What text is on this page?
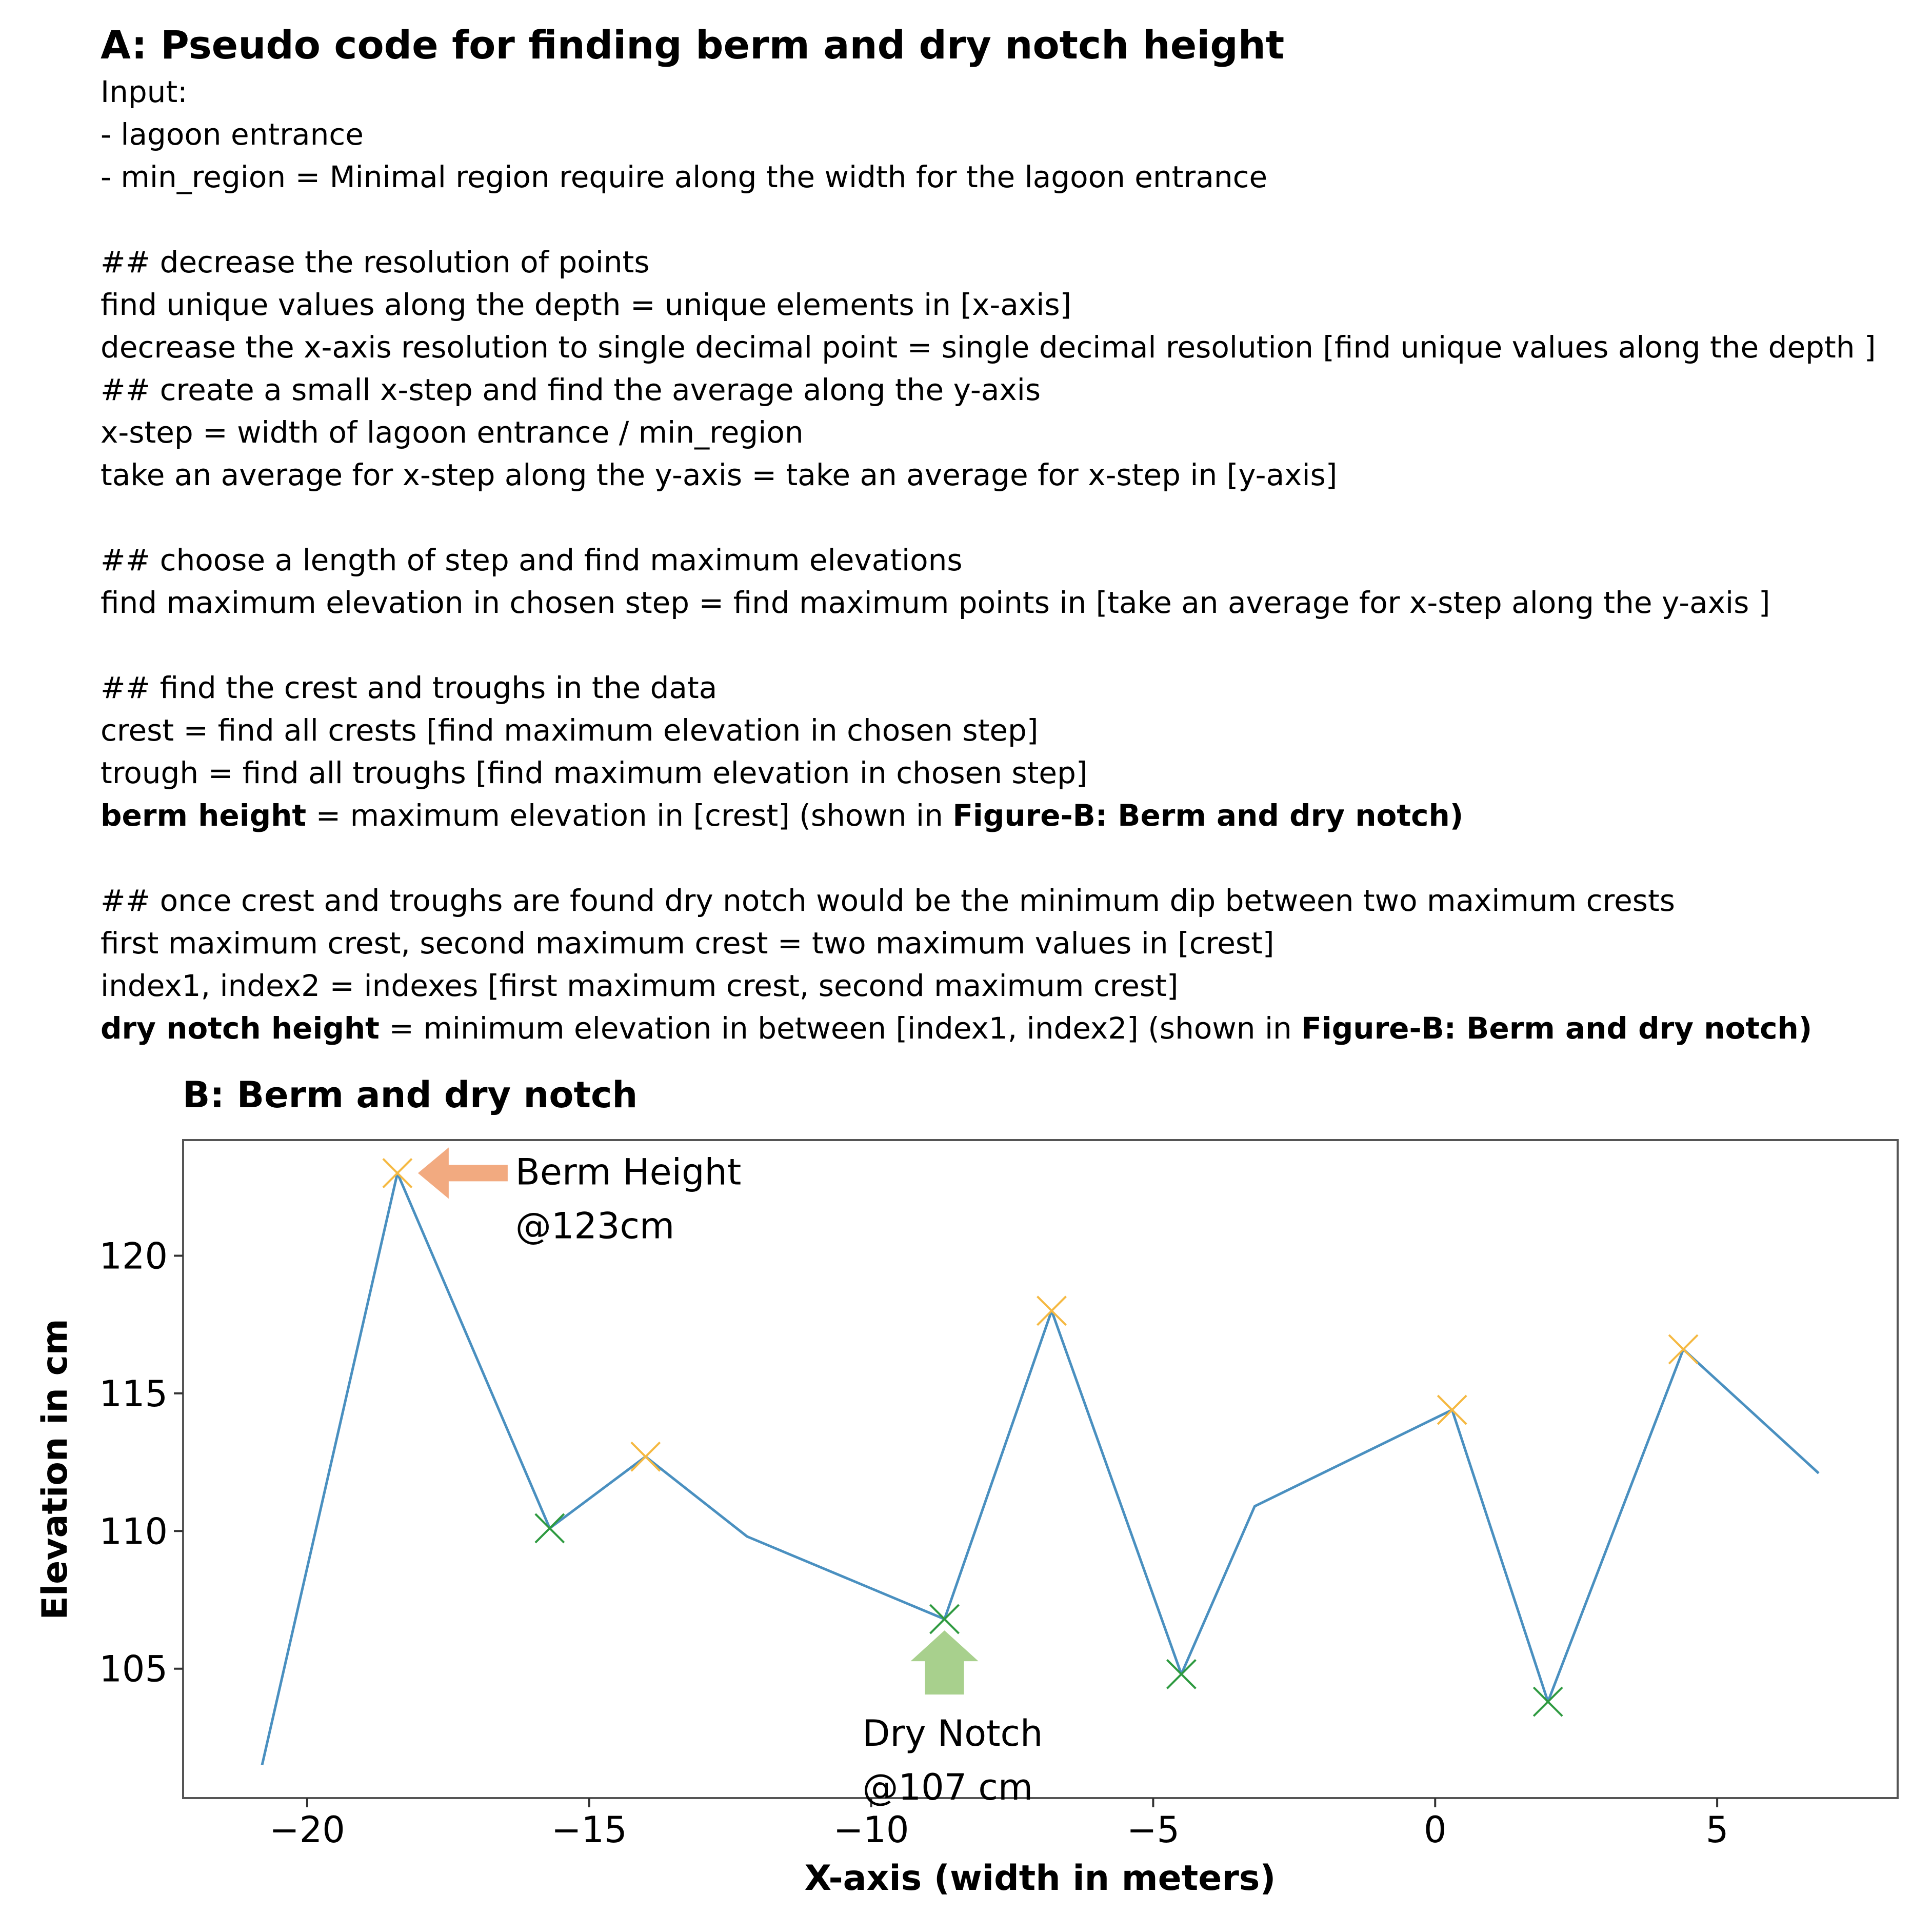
A: Pseudo code for finding berm and dry notch height
Input:
- lagoon entrance
- min_region = Minimal region require along the width for the lagoon entrance
## decrease the resolution of points
find unique values along the depth = unique elements in [x-axis]
decrease the x-axis resolution to single decimal point = single decimal resolution [find unique values along the depth ]
## create a small x-step and find the average along the y-axis
x-step = width of lagoon entrance / min_region
take an average for x-step along the y-axis = take an average for x-step in [y-axis]
## choose a length of step and find maximum elevations
find maximum elevation in chosen step = find maximum points in [take an average for x-step along the y-axis ]
## find the crest and troughs in the data
crest = find all crests [find maximum elevation in chosen step]
trough = find all troughs [find maximum elevation in chosen step]
berm height = maximum elevation in [crest] (shown in Figure-B: Berm and dry notch)
## once crest and troughs are found dry notch would be the minimum dip between two maximum crests
first maximum crest, second maximum crest = two maximum values in [crest]
index1, index2 = indexes [first maximum crest, second maximum crest]
dry notch height = minimum elevation in between [index1, index2] (shown in Figure-B: Berm and dry notch)
B: Berm and dry notch
−20	−15	−10	−5	0	5
105
110
115
120
Berm Height
@123cm
Dry Notch
@107 cm
X-axis (width in meters)
Elevation in cm
